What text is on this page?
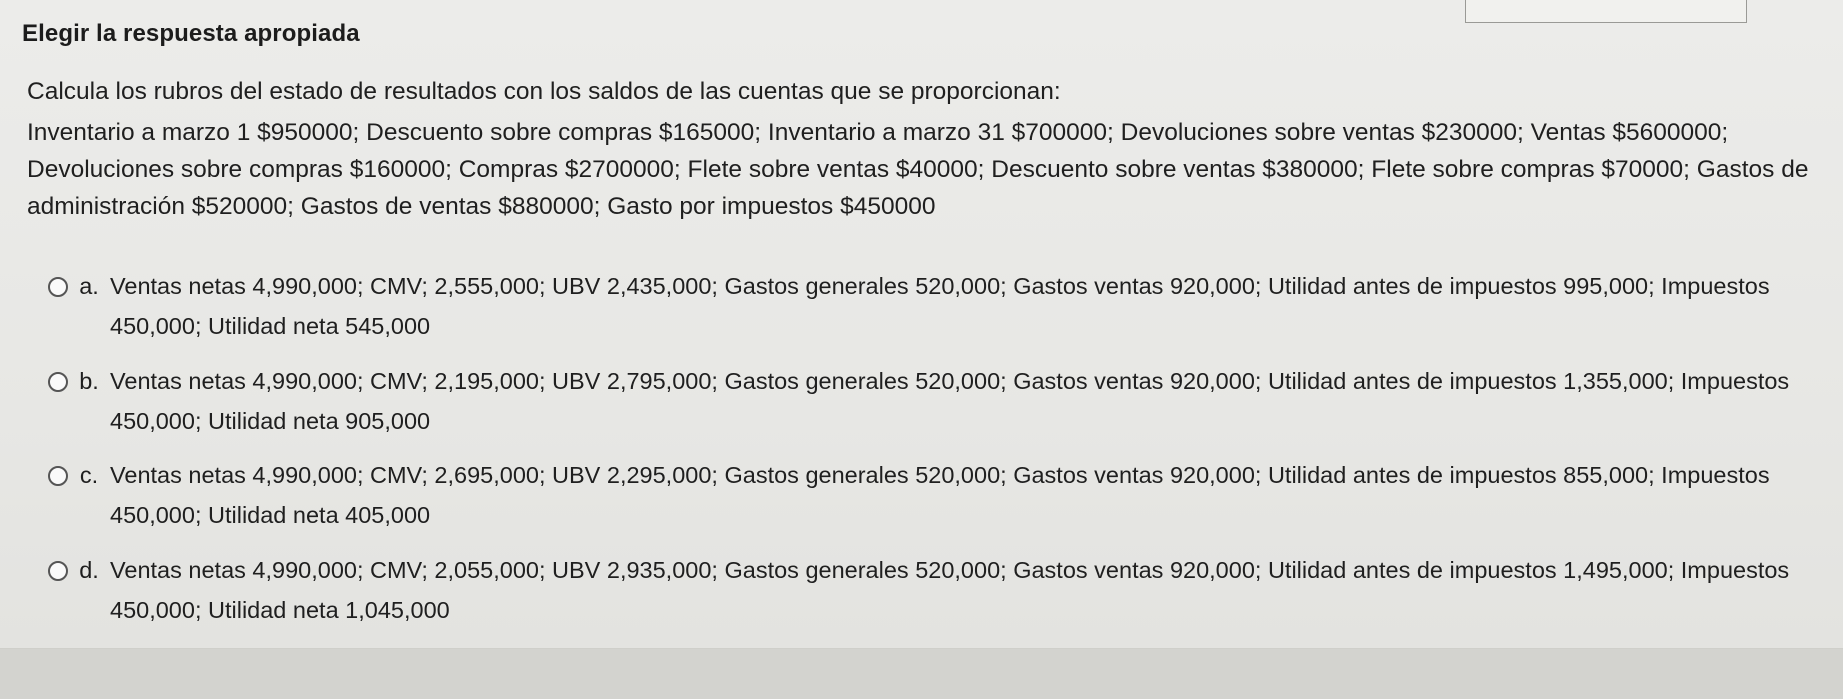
Elegir la respuesta apropiada
Calcula los rubros del estado de resultados con los saldos de las cuentas que se proporcionan:
Inventario a marzo 1 $950000; Descuento sobre compras $165000; Inventario a marzo 31 $700000; Devoluciones sobre ventas $230000; Ventas $5600000; Devoluciones sobre compras $160000; Compras $2700000; Flete sobre ventas $40000; Descuento sobre ventas $380000; Flete sobre compras $70000; Gastos de administración $520000; Gastos de ventas $880000; Gasto por impuestos $450000
a. Ventas netas 4,990,000; CMV; 2,555,000; UBV 2,435,000; Gastos generales 520,000; Gastos ventas 920,000; Utilidad antes de impuestos 995,000; Impuestos 450,000; Utilidad neta 545,000
b. Ventas netas 4,990,000; CMV; 2,195,000; UBV 2,795,000; Gastos generales 520,000; Gastos ventas 920,000; Utilidad antes de impuestos 1,355,000; Impuestos 450,000; Utilidad neta 905,000
c. Ventas netas 4,990,000; CMV; 2,695,000; UBV 2,295,000; Gastos generales 520,000; Gastos ventas 920,000; Utilidad antes de impuestos 855,000; Impuestos 450,000; Utilidad neta 405,000
d. Ventas netas 4,990,000; CMV; 2,055,000; UBV 2,935,000; Gastos generales 520,000; Gastos ventas 920,000; Utilidad antes de impuestos 1,495,000; Impuestos 450,000; Utilidad neta 1,045,000
